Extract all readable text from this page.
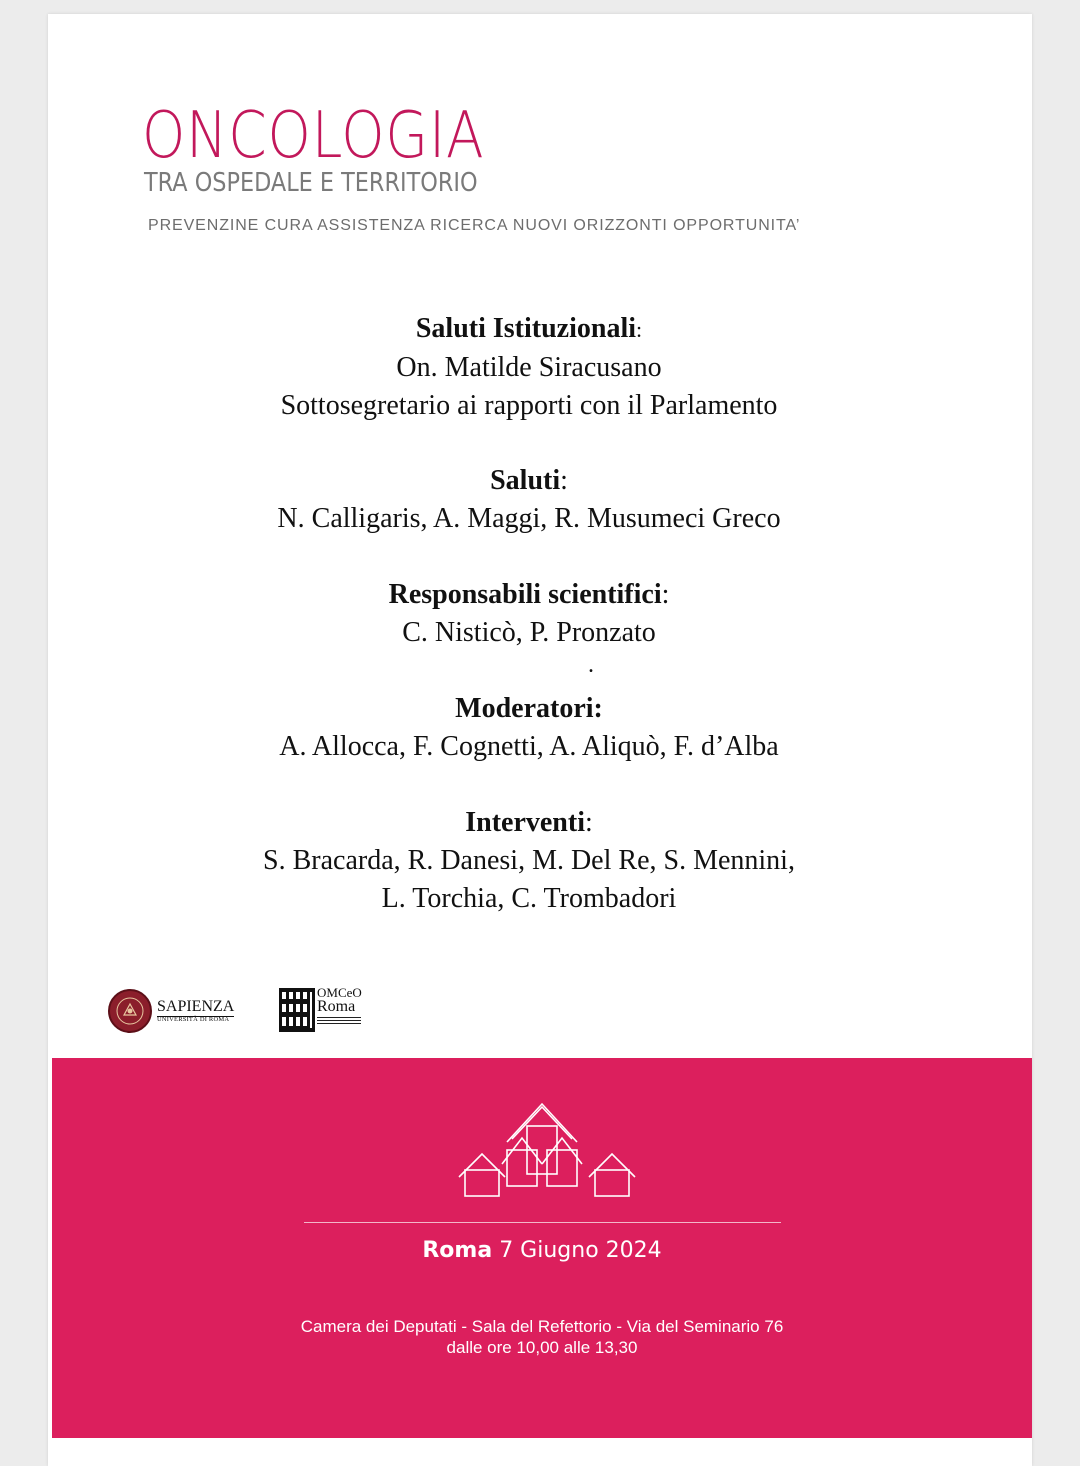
ONCOLOGIA
TRA OSPEDALE E TERRITORIO
PREVENZINE CURA ASSISTENZA RICERCA NUOVI ORIZZONTI OPPORTUNITA’
Saluti Istituzionali:
On. Matilde Siracusano
Sottosegretario ai rapporti con il Parlamento
Saluti:
N. Calligaris, A. Maggi, R. Musumeci Greco
Responsabili scientifici:
C. Nisticò, P. Pronzato
.
Moderatori:
A. Allocca, F. Cognetti, A. Aliquò, F. d’Alba
Interventi:
S. Bracarda, R. Danesi, M. Del Re, S. Mennini,
L. Torchia, C. Trombadori
SAPIENZA
UNIVERSITÀ DI ROMA
OMCeO
Roma
Roma 7 Giugno 2024
Camera dei Deputati - Sala del Refettorio - Via del Seminario 76
dalle ore 10,00 alle 13,30
